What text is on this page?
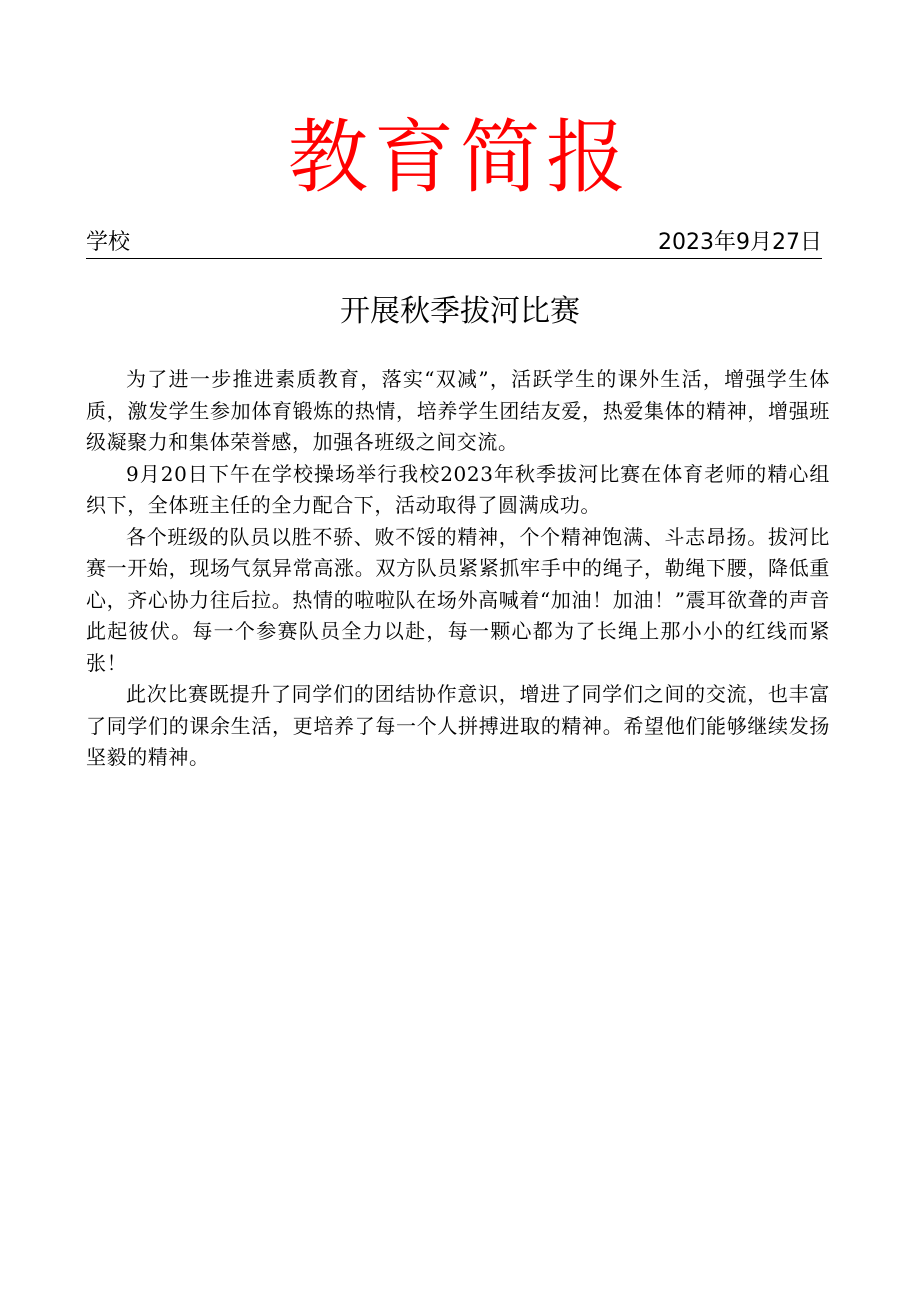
教育简报
学校	2023年9月27日
开展秋季拔河比赛

为了进一步推进素质教育，落实“双减”，活跃学生的课外生活，增强学生体质，激发学生参加体育锻炼的热情，培养学生团结友爱，热爱集体的精神，增强班级凝聚力和集体荣誉感，加强各班级之间交流。

9月20日下午在学校操场举行我校2023年秋季拔河比赛在体育老师的精心组织下，全体班主任的全力配合下，活动取得了圆满成功。

各个班级的队员以胜不骄、败不馁的精神，个个精神饱满、斗志昂扬。拔河比赛一开始，现场气氛异常高涨。双方队员紧紧抓牢手中的绳子，勒绳下腰，降低重心，齐心协力往后拉。热情的啦啦队在场外高喊着“加油！加油！”震耳欲聋的声音此起彼伏。每一个参赛队员全力以赴，每一颗心都为了长绳上那小小的红线而紧张！

此次比赛既提升了同学们的团结协作意识，增进了同学们之间的交流，也丰富了同学们的课余生活，更培养了每一个人拼搏进取的精神。希望他们能够继续发扬坚毅的精神。
